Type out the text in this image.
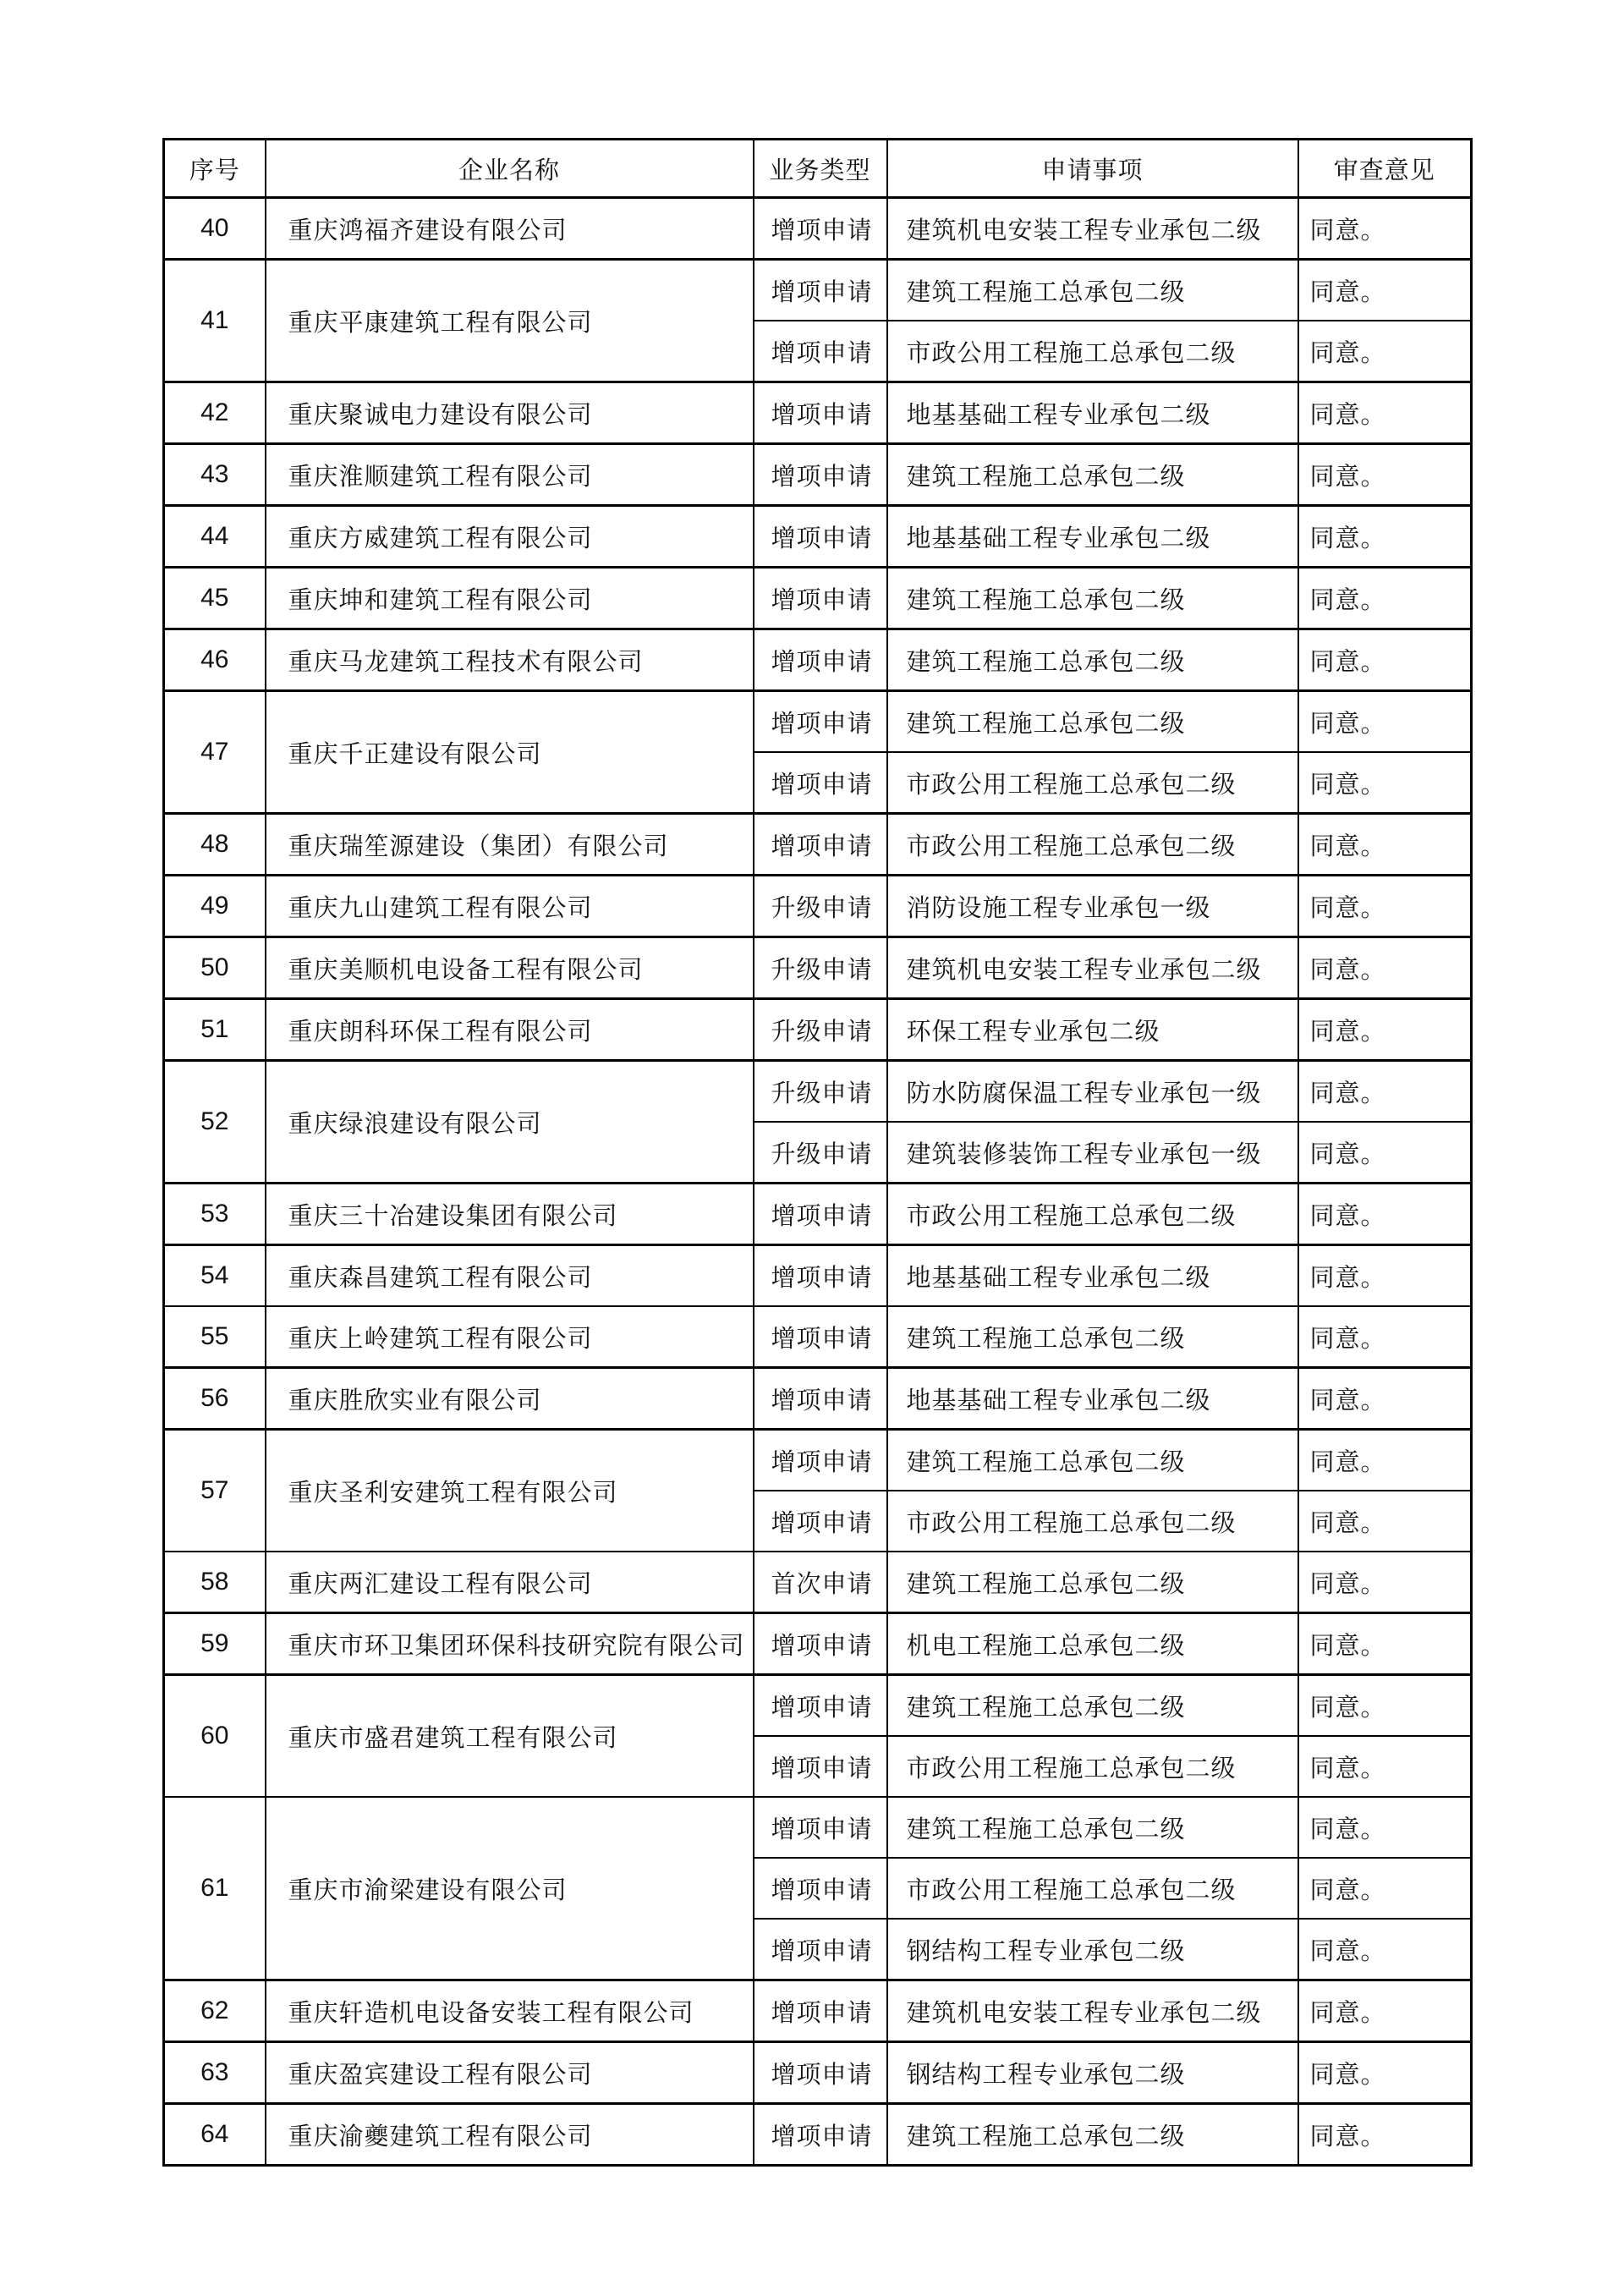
序号	企业名称	业务类型	申请事项	审查意见
40	重庆鸿福齐建设有限公司	增项申请	建筑机电安装工程专业承包二级	同意。
41	重庆平康建筑工程有限公司	增项申请	建筑工程施工总承包二级	同意。
		增项申请	市政公用工程施工总承包二级	同意。
42	重庆聚诚电力建设有限公司	增项申请	地基基础工程专业承包二级	同意。
43	重庆淮顺建筑工程有限公司	增项申请	建筑工程施工总承包二级	同意。
44	重庆方威建筑工程有限公司	增项申请	地基基础工程专业承包二级	同意。
45	重庆坤和建筑工程有限公司	增项申请	建筑工程施工总承包二级	同意。
46	重庆马龙建筑工程技术有限公司	增项申请	建筑工程施工总承包二级	同意。
47	重庆千正建设有限公司	增项申请	建筑工程施工总承包二级	同意。
		增项申请	市政公用工程施工总承包二级	同意。
48	重庆瑞笙源建设（集团）有限公司	增项申请	市政公用工程施工总承包二级	同意。
49	重庆九山建筑工程有限公司	升级申请	消防设施工程专业承包一级	同意。
50	重庆美顺机电设备工程有限公司	升级申请	建筑机电安装工程专业承包二级	同意。
51	重庆朗科环保工程有限公司	升级申请	环保工程专业承包二级	同意。
52	重庆绿浪建设有限公司	升级申请	防水防腐保温工程专业承包一级	同意。
		升级申请	建筑装修装饰工程专业承包一级	同意。
53	重庆三十冶建设集团有限公司	增项申请	市政公用工程施工总承包二级	同意。
54	重庆森昌建筑工程有限公司	增项申请	地基基础工程专业承包二级	同意。
55	重庆上岭建筑工程有限公司	增项申请	建筑工程施工总承包二级	同意。
56	重庆胜欣实业有限公司	增项申请	地基基础工程专业承包二级	同意。
57	重庆圣利安建筑工程有限公司	增项申请	建筑工程施工总承包二级	同意。
		增项申请	市政公用工程施工总承包二级	同意。
58	重庆两汇建设工程有限公司	首次申请	建筑工程施工总承包二级	同意。
59	重庆市环卫集团环保科技研究院有限公司	增项申请	机电工程施工总承包二级	同意。
60	重庆市盛君建筑工程有限公司	增项申请	建筑工程施工总承包二级	同意。
		增项申请	市政公用工程施工总承包二级	同意。
61	重庆市渝梁建设有限公司	增项申请	建筑工程施工总承包二级	同意。
		增项申请	市政公用工程施工总承包二级	同意。
		增项申请	钢结构工程专业承包二级	同意。
62	重庆轩造机电设备安装工程有限公司	增项申请	建筑机电安装工程专业承包二级	同意。
63	重庆盈宾建设工程有限公司	增项申请	钢结构工程专业承包二级	同意。
64	重庆渝夔建筑工程有限公司	增项申请	建筑工程施工总承包二级	同意。
